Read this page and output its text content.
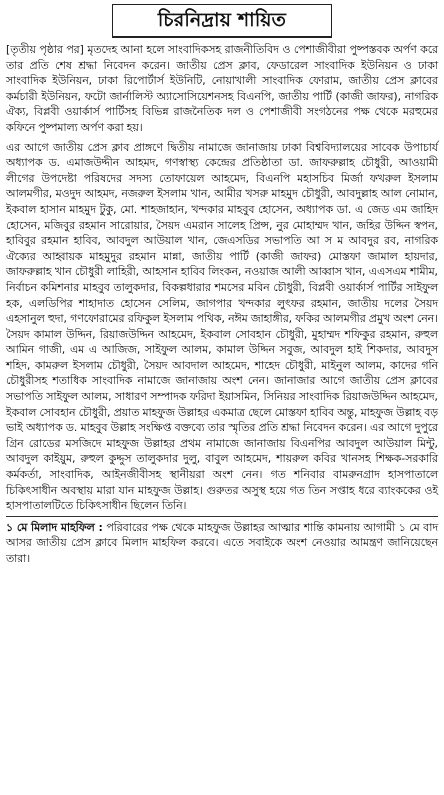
চিরনিদ্রায় শায়িত

[তৃতীয় পৃষ্ঠার পর] মৃতদেহ আনা হলে সাংবাদিকসহ রাজনীতিবিদ ও পেশাজীবীরা পুষ্পস্তবক অর্পণ করে তার প্রতি শেষ শ্রদ্ধা নিবেদন করেন। জাতীয় প্রেস ক্লাব, ফেডারেল সাংবাদিক ইউনিয়ন ও ঢাকা সাংবাদিক ইউনিয়ন, ঢাকা রিপোর্টার্স ইউনিটি, নোয়াখালী সাংবাদিক ফোরাম, জাতীয় প্রেস ক্লাবের কর্মচারী ইউনিয়ন, ফটো জার্নালিস্ট অ্যাসোসিয়েশনসহ বিএনপি, জাতীয় পার্টি (কাজী জাফর), নাগরিক ঐক্য, বিপ্লবী ওয়ার্কার্স পার্টিসহ বিভিন্ন রাজনৈতিক দল ও পেশাজীবী সংগঠনের পক্ষ থেকে মরহুমের কফিনে পুষ্পমাল্য অর্পণ করা হয়।

এর আগে জাতীয় প্রেস ক্লাব প্রাঙ্গণে দ্বিতীয় নামাজে জানাজায় ঢাকা বিশ্ববিদ্যালয়ের সাবেক উপাচার্য অধ্যাপক ড. এমাজউদ্দীন আহমদ, গণস্বাস্থ্য কেন্দ্রের প্রতিষ্ঠাতা ডা. জাফরুল্লাহ চৌধুরী, আওয়ামী লীগের উপদেষ্টা পরিষদের সদস্য তোফায়েল আহমেদ, বিএনপি মহাসচিব মির্জা ফখরুল ইসলাম আলমগীর, মওদুদ আহমদ, নজরুল ইসলাম খান, আমীর খসরু মাহমুদ চৌধুরী, আবদুল্লাহ আল নোমান, ইকবাল হাসান মাহমুদ টুকু, মো. শাহজাহান, খন্দকার মাহবুব হোসেন, অধ্যাপক ডা. এ জেড এম জাহিদ হোসেন, মজিবুর রহমান সারোয়ার, সৈয়দ এমরান সালেহ প্রিন্স, নুর মোহাম্মদ খান, জহির উদ্দিন স্বপন, হাবিবুর রহমান হাবিব, আবদুল আউয়াল খান, জেএসডির সভাপতি আ স ম আবদুর রব, নাগরিক ঐক্যের আহ্বায়ক মাহমুদুর রহমান মান্না, জাতীয় পার্টি (কাজী জাফর) মোস্তফা জামাল হায়দার, জাফরুল্লাহ খান চৌধুরী লাহিরী, আহসান হাবিব লিংকন, নওয়াজ আলী আব্বাস খান, এএসএম শামীম, নির্বাচন কমিশনার মাহবুব তালুকদার, বিকল্পধারার শমসের মবিন চৌধুরী, বিপ্লবী ওয়ার্কার্স পার্টির সাইফুল হক, এলডিপির শাহাদাত হোসেন সেলিম, জাগপার খন্দকার লুৎফর রহমান, জাতীয় দলের সৈয়দ এহসানুল হুদা, গণফোরামের রফিকুল ইসলাম পথিক, নঈম জাহাঙ্গীর, ফকির আলমগীর প্রমুখ অংশ নেন। সৈয়দ কামাল উদ্দিন, রিয়াজউদ্দিন আহমেদ, ইকবাল সোবহান চৌধুরী, মুহাম্মদ শফিকুর রহমান, রুহুল আমিন গাজী, এম এ আজিজ, সাইফুল আলম, কামাল উদ্দিন সবুজ, আবদুল হাই শিকদার, আবদুস শহিদ, কামরুল ইসলাম চৌধুরী, সৈয়দ আবদাল আহমেদ, শাহেদ চৌধুরী, মাইনুল আলম, কাদের গনি চৌধুরীসহ শতাধিক সাংবাদিক নামাজে জানাজায় অংশ নেন। জানাজার আগে জাতীয় প্রেস ক্লাবের সভাপতি সাইফুল আলম, সাধারণ সম্পাদক ফরিদা ইয়াসমিন, সিনিয়র সাংবাদিক রিয়াজউদ্দিন আহমেদ, ইকবাল সোবহান চৌধুরী, প্রয়াত মাহফুজ উল্লাহর একমাত্র ছেলে মোস্তফা হাবিব অন্তু, মাহফুজ উল্লাহ বড় ভাই অধ্যাপক ড. মাহবুব উল্লাহ সংক্ষিপ্ত বক্তব্যে তার স্মৃতির প্রতি শ্রদ্ধা নিবেদন করেন। এর আগে দুপুরে গ্রিন রোডের মসজিদে মাহফুজ উল্লাহর প্রথম নামাজে জানাজায় বিএনপির আবদুল আউয়াল মিন্টু, আবদুল কাইয়ুম, রুহুল কুদ্দুস তালুকদার দুলু, বাবুল আহমেদ, শায়রুল কবির খানসহ শিক্ষক-সরকারি কর্মকর্তা, সাংবাদিক, আইনজীবীসহ স্থানীয়রা অংশ নেন। গত শনিবার বামরুনগ্রাদ হাসপাতালে চিকিৎসাধীন অবস্থায় মারা যান মাহফুজ উল্লাহ। গুরুতর অসুস্থ হয়ে গত তিন সপ্তাহ ধরে ব্যাংককের ওই হাসপাতালটিতে চিকিৎসাধীন ছিলেন তিনি।

১ মে মিলাদ মাহফিল : পরিবারের পক্ষ থেকে মাহফুজ উল্লাহর আত্মার শান্তি কামনায় আগামী ১ মে বাদ আসর জাতীয় প্রেস ক্লাবে মিলাদ মাহফিল করবে। এতে সবাইকে অংশ নেওয়ার আমন্ত্রণ জানিয়েছেন তারা।
